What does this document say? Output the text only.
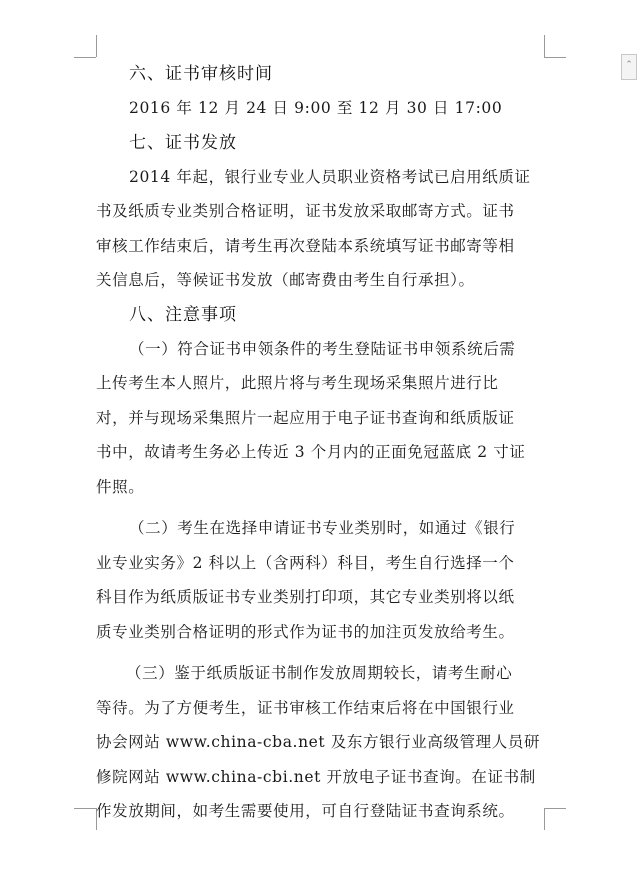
⌃
六、证书审核时间
2016 年 12 月 24 日 9:00 至 12 月 30 日 17:00
七、证书发放
2014 年起，银行业专业人员职业资格考试已启用纸质证
书及纸质专业类别合格证明，证书发放采取邮寄方式。证书
审核工作结束后，请考生再次登陆本系统填写证书邮寄等相
关信息后，等候证书发放（邮寄费由考生自行承担）。
八、注意事项
（一）符合证书申领条件的考生登陆证书申领系统后需
上传考生本人照片，此照片将与考生现场采集照片进行比
对，并与现场采集照片一起应用于电子证书查询和纸质版证
书中，故请考生务必上传近 3 个月内的正面免冠蓝底 2 寸证
件照。
（二）考生在选择申请证书专业类别时，如通过《银行
业专业实务》2 科以上（含两科）科目，考生自行选择一个
科目作为纸质版证书专业类别打印项，其它专业类别将以纸
质专业类别合格证明的形式作为证书的加注页发放给考生。
（三）鉴于纸质版证书制作发放周期较长，请考生耐心
等待。为了方便考生，证书审核工作结束后将在中国银行业
协会网站 www.china-cba.net 及东方银行业高级管理人员研
修院网站 www.china-cbi.net 开放电子证书查询。在证书制
作发放期间，如考生需要使用，可自行登陆证书查询系统。
